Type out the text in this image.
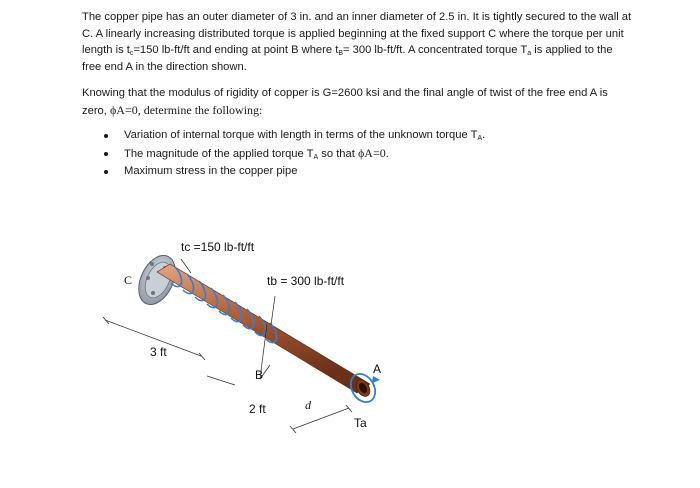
The copper pipe has an outer diameter of 3 in. and an inner diameter of 2.5 in. It is tightly secured to the wall at C. A linearly increasing distributed torque is applied beginning at the fixed support C where the torque per unit length is $t_c=150$ lb-ft/ft and ending at point B where $t_B= 300$ lb-ft/ft. A concentrated torque $T_a$ is applied to the free end A in the direction shown.

Knowing that the modulus of rigidity of copper is G=2600 ksi and the final angle of twist of the free end A is zero, ϕA=0, determine the following:

Variation of internal torque with length in terms of the unknown torque $T_A$.
The magnitude of the applied torque $T_A$ so that ϕA=0.
Maximum stress in the copper pipe
tc =150 lb-ft/ft
tb = 300 lb-ft/ft
C
3 ft
B
2 ft	d
A
Ta
